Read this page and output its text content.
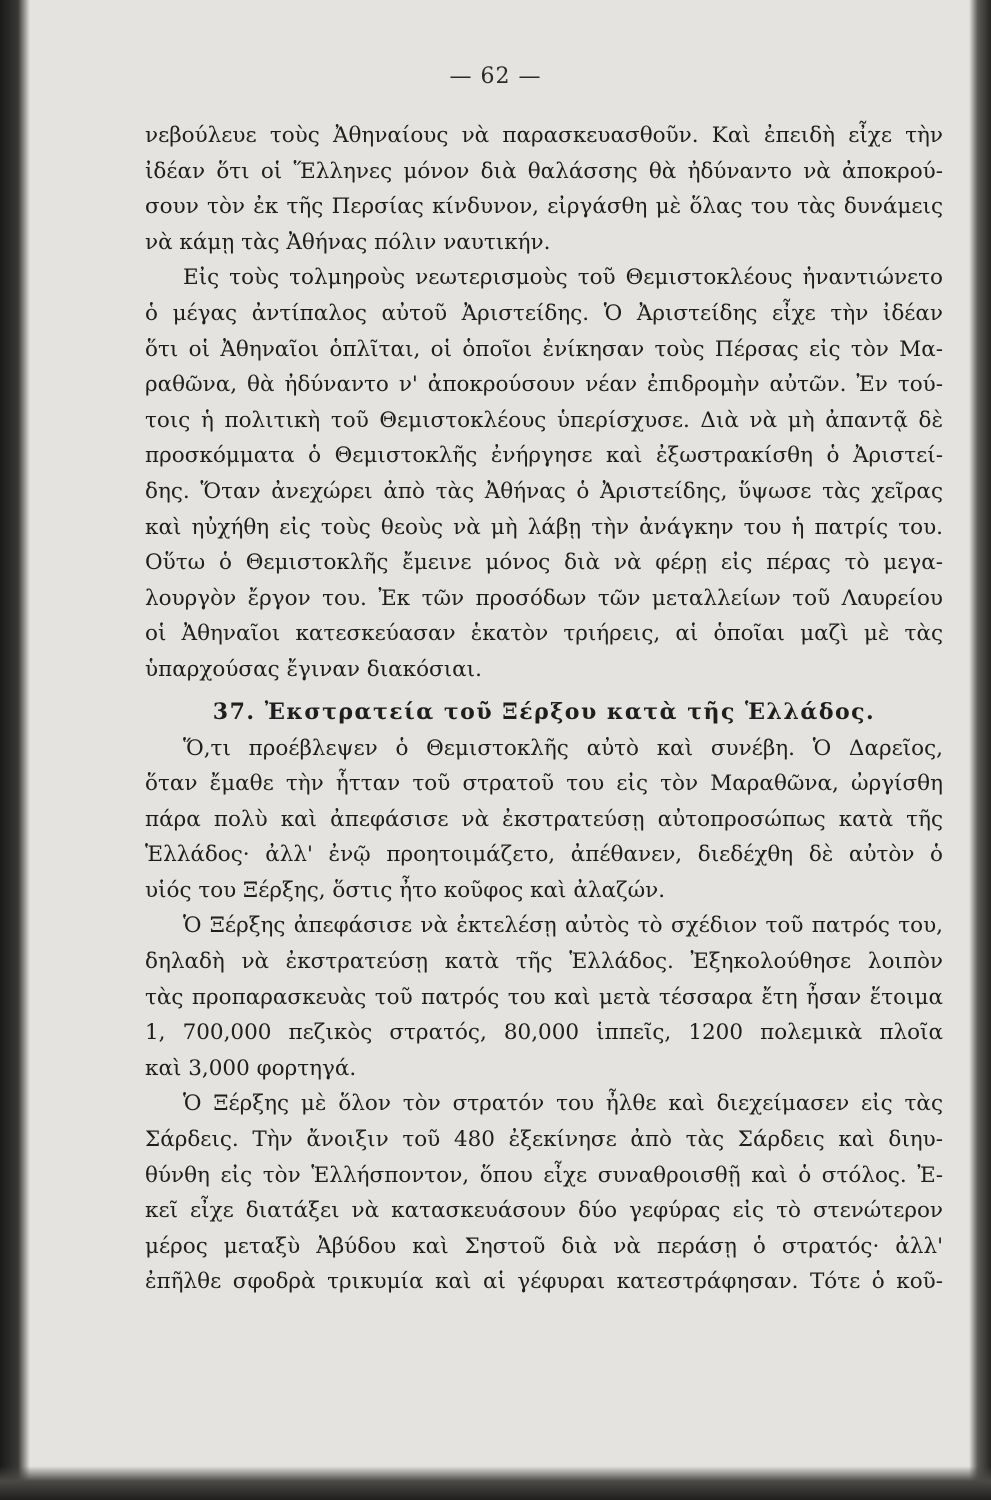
— 62 —
νεβούλευε τοὺς Ἀθηναίους νὰ παρασκευασθοῦν. Καὶ ἐπειδὴ εἶχε τὴν
ἰδέαν ὅτι οἱ Ἕλληνες μόνον διὰ θαλάσσης θὰ ἠδύναντο νὰ ἀποκρού-
σουν τὸν ἐκ τῆς Περσίας κίνδυνον, εἰργάσθη μὲ ὅλας του τὰς δυνάμεις
νὰ κάμῃ τὰς Ἀθήνας πόλιν ναυτικήν.
Εἰς τοὺς τολμηροὺς νεωτερισμοὺς τοῦ Θεμιστοκλέους ἠναντιώνετο
ὁ μέγας ἀντίπαλος αὐτοῦ Ἀριστείδης. Ὁ Ἀριστείδης εἶχε τὴν ἰδέαν
ὅτι οἱ Ἀθηναῖοι ὁπλῖται, οἱ ὁποῖοι ἐνίκησαν τοὺς Πέρσας εἰς τὸν Μα-
ραθῶνα, θὰ ἠδύναντο ν' ἀποκρούσουν νέαν ἐπιδρομὴν αὐτῶν. Ἐν τού-
τοις ἡ πολιτικὴ τοῦ Θεμιστοκλέους ὑπερίσχυσε. Διὰ νὰ μὴ ἀπαντᾷ δὲ
προσκόμματα ὁ Θεμιστοκλῆς ἐνήργησε καὶ ἐξωστρακίσθη ὁ Ἀριστεί-
δης. Ὅταν ἀνεχώρει ἀπὸ τὰς Ἀθήνας ὁ Ἀριστείδης, ὕψωσε τὰς χεῖρας
καὶ ηὐχήθη εἰς τοὺς θεοὺς νὰ μὴ λάβῃ τὴν ἀνάγκην του ἡ πατρίς του.
Οὕτω ὁ Θεμιστοκλῆς ἔμεινε μόνος διὰ νὰ φέρῃ εἰς πέρας τὸ μεγα-
λουργὸν ἔργον του. Ἐκ τῶν προσόδων τῶν μεταλλείων τοῦ Λαυρείου
οἱ Ἀθηναῖοι κατεσκεύασαν ἑκατὸν τριήρεις, αἱ ὁποῖαι μαζὶ μὲ τὰς
ὑπαρχούσας ἔγιναν διακόσιαι.
37. Ἐκστρατεία τοῦ Ξέρξου κατὰ τῆς Ἑλλάδος.
Ὅ,τι προέβλεψεν ὁ Θεμιστοκλῆς αὐτὸ καὶ συνέβη. Ὁ Δαρεῖος,
ὅταν ἔμαθε τὴν ἧτταν τοῦ στρατοῦ του εἰς τὸν Μαραθῶνα, ὠργίσθη
πάρα πολὺ καὶ ἀπεφάσισε νὰ ἐκστρατεύσῃ αὐτοπροσώπως κατὰ τῆς
Ἑλλάδος· ἀλλ' ἐνῷ προητοιμάζετο, ἀπέθανεν, διεδέχθη δὲ αὐτὸν ὁ
υἱός του Ξέρξης, ὅστις ἦτο κοῦφος καὶ ἀλαζών.
Ὁ Ξέρξης ἀπεφάσισε νὰ ἐκτελέσῃ αὐτὸς τὸ σχέδιον τοῦ πατρός του,
δηλαδὴ νὰ ἐκστρατεύσῃ κατὰ τῆς Ἑλλάδος. Ἐξηκολούθησε λοιπὸν
τὰς προπαρασκευὰς τοῦ πατρός του καὶ μετὰ τέσσαρα ἔτη ἦσαν ἕτοιμα
1, 700,000 πεζικὸς στρατός, 80,000 ἱππεῖς, 1200 πολεμικὰ πλοῖα
καὶ 3,000 φορτηγά.
Ὁ Ξέρξης μὲ ὅλον τὸν στρατόν του ἦλθε καὶ διεχείμασεν εἰς τὰς
Σάρδεις. Τὴν ἄνοιξιν τοῦ 480 ἐξεκίνησε ἀπὸ τὰς Σάρδεις καὶ διηυ-
θύνθη εἰς τὸν Ἑλλήσποντον, ὅπου εἶχε συναθροισθῇ καὶ ὁ στόλος. Ἐ-
κεῖ εἶχε διατάξει νὰ κατασκευάσουν δύο γεφύρας εἰς τὸ στενώτερον
μέρος μεταξὺ Ἀβύδου καὶ Σηστοῦ διὰ νὰ περάσῃ ὁ στρατός· ἀλλ'
ἐπῆλθε σφοδρὰ τρικυμία καὶ αἱ γέφυραι κατεστράφησαν. Τότε ὁ κοῦ-
